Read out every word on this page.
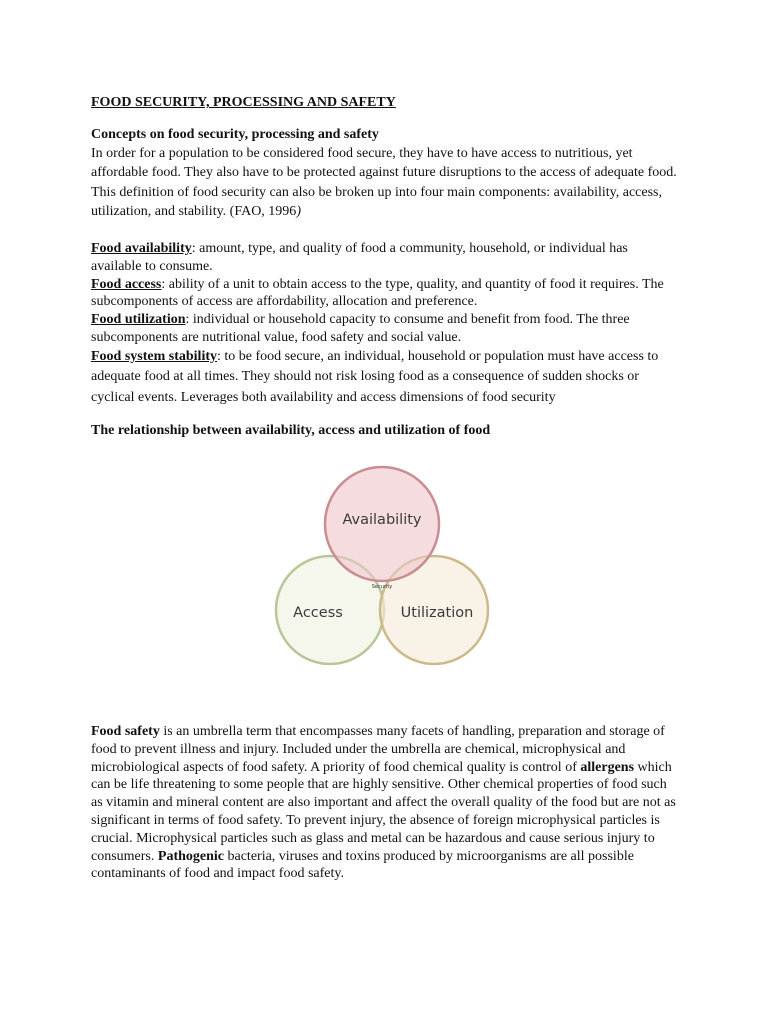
FOOD SECURITY, PROCESSING AND SAFETY
Concepts on food security, processing and safety
In order for a population to be considered food secure, they have to have access to nutritious, yet affordable food. They also have to be protected against future disruptions to the access of adequate food. This definition of food security can also be broken up into four main components: availability, access, utilization, and stability. (FAO, 1996)

Food availability: amount, type, and quality of food a community, household, or individual has available to consume.

Food access: ability of a unit to obtain access to the type, quality, and quantity of food it requires. The subcomponents of access are affordability, allocation and preference.

Food utilization: individual or household capacity to consume and benefit from food. The three subcomponents are nutritional value, food safety and social value.

Food system stability: to be food secure, an individual, household or population must have access to adequate food at all times. They should not risk losing food as a consequence of sudden shocks or cyclical events. Leverages both availability and access dimensions of food security

The relationship between availability, access and utilization of food
Availability
Access	Utilization
Security
Food safety is an umbrella term that encompasses many facets of handling, preparation and storage of food to prevent illness and injury. Included under the umbrella are chemical, microphysical and microbiological aspects of food safety. A priority of food chemical quality is control of allergens which can be life threatening to some people that are highly sensitive. Other chemical properties of food such as vitamin and mineral content are also important and affect the overall quality of the food but are not as significant in terms of food safety. To prevent injury, the absence of foreign microphysical particles is crucial. Microphysical particles such as glass and metal can be hazardous and cause serious injury to consumers. Pathogenic bacteria, viruses and toxins produced by microorganisms are all possible contaminants of food and impact food safety.
